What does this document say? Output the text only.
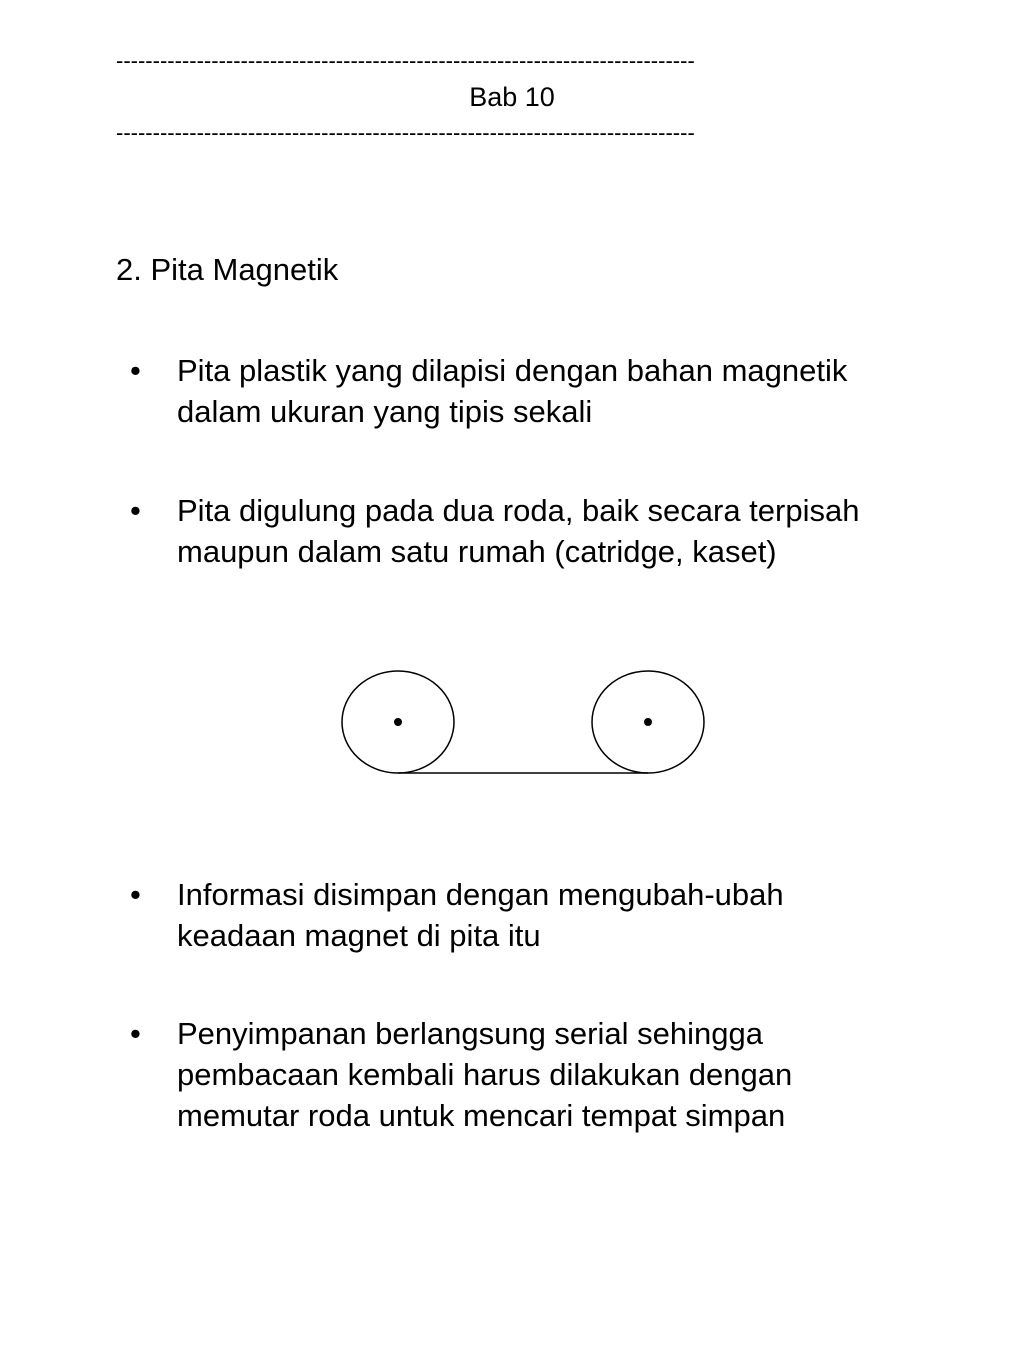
-------------------------------------------------------------------------------
Bab 10
-------------------------------------------------------------------------------
2. Pita Magnetik
•	Pita plastik yang dilapisi dengan bahan magnetik
dalam ukuran yang tipis sekali
•	Pita digulung pada dua roda, baik secara terpisah
maupun dalam satu rumah (catridge, kaset)
•	Informasi disimpan dengan mengubah-ubah
keadaan magnet di pita itu
•	Penyimpanan berlangsung serial sehingga
pembacaan kembali harus dilakukan dengan
memutar roda untuk mencari tempat simpan
